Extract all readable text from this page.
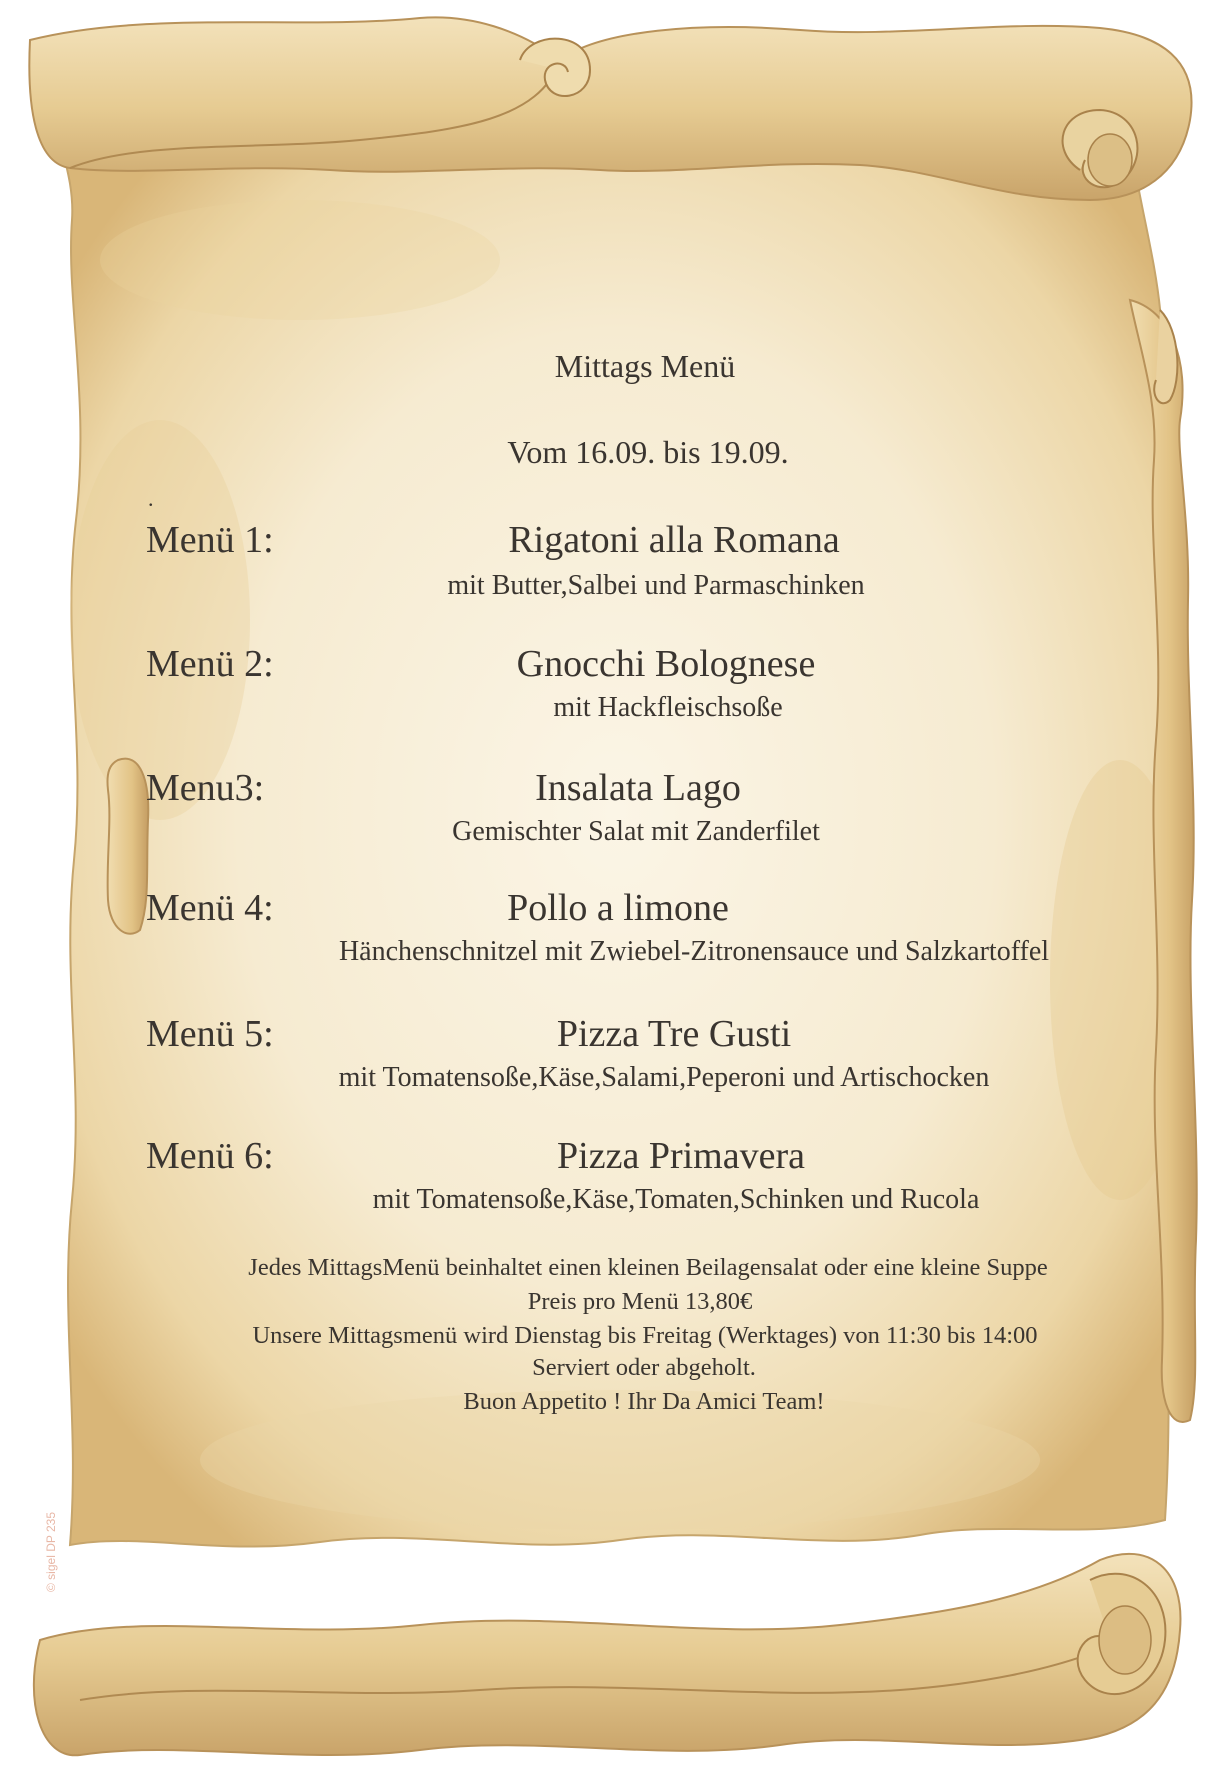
Mittags Menü
Vom 16.09. bis 19.09.
.
Menü 1:	Rigatoni alla Romana
mit Butter,Salbei und Parmaschinken
Menü 2:	Gnocchi Bolognese
mit Hackfleischsoße
Menu3:	Insalata Lago
Gemischter Salat mit Zanderfilet
Menü 4:	Pollo a limone
Hänchenschnitzel mit Zwiebel-Zitronensauce und Salzkartoffel
Menü 5:	Pizza Tre Gusti
mit Tomatensoße,Käse,Salami,Peperoni und Artischocken
Menü 6:	Pizza Primavera
mit Tomatensoße,Käse,Tomaten,Schinken und Rucola
Jedes MittagsMenü beinhaltet einen kleinen Beilagensalat oder eine kleine Suppe
Preis pro Menü 13,80€
Unsere Mittagsmenü wird Dienstag bis Freitag (Werktages) von 11:30 bis 14:00
Serviert oder abgeholt.
Buon Appetito ! Ihr Da Amici Team!
© sigel DP 235
